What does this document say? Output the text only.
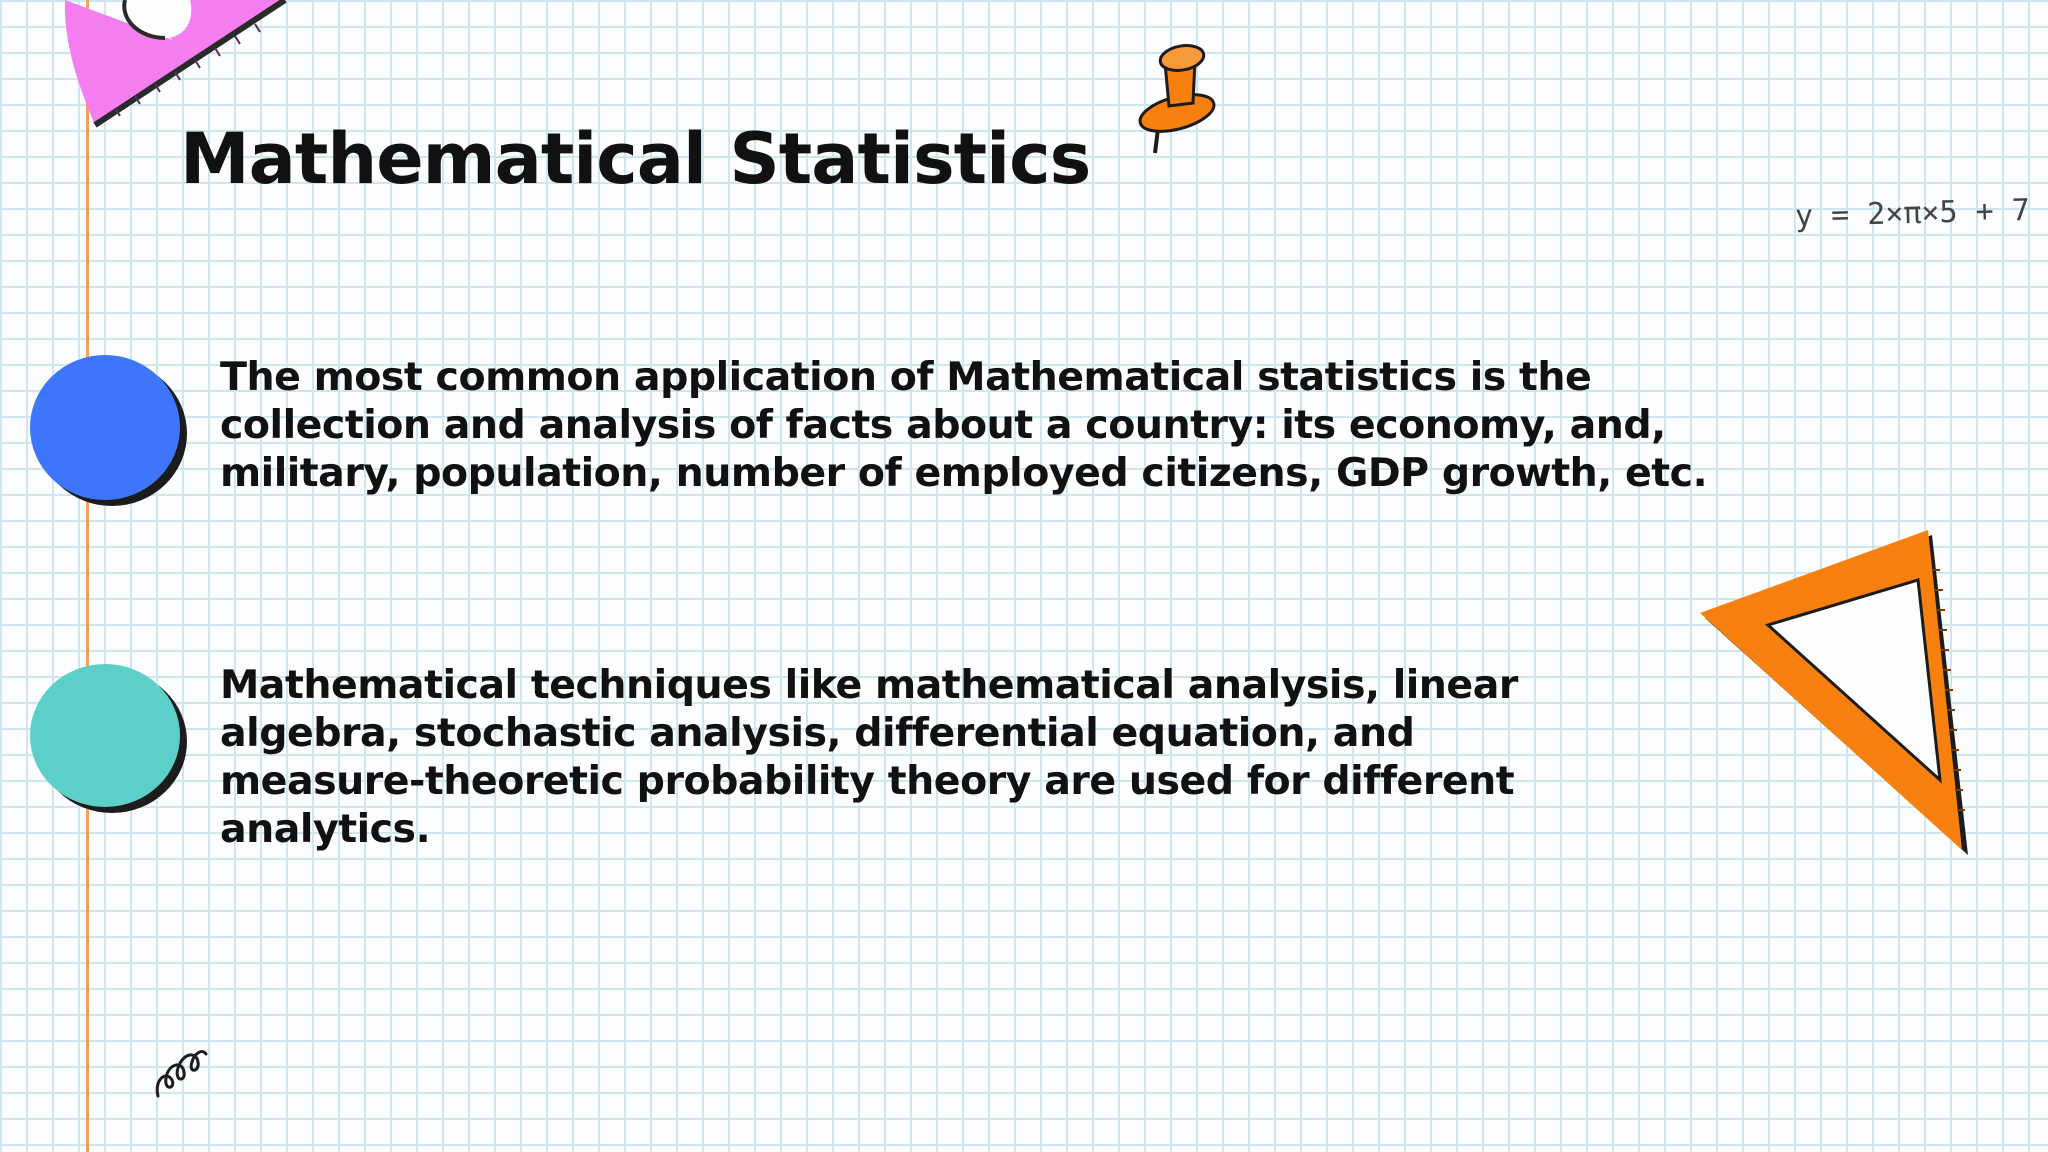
Mathematical Statistics
y = 2×π×5 + 7

The most common application of Mathematical statistics is the
collection and analysis of facts about a country: its economy, and,
military, population, number of employed citizens, GDP growth, etc.

Mathematical techniques like mathematical analysis, linear
algebra, stochastic analysis, differential equation, and
measure-theoretic probability theory are used for different
analytics.
